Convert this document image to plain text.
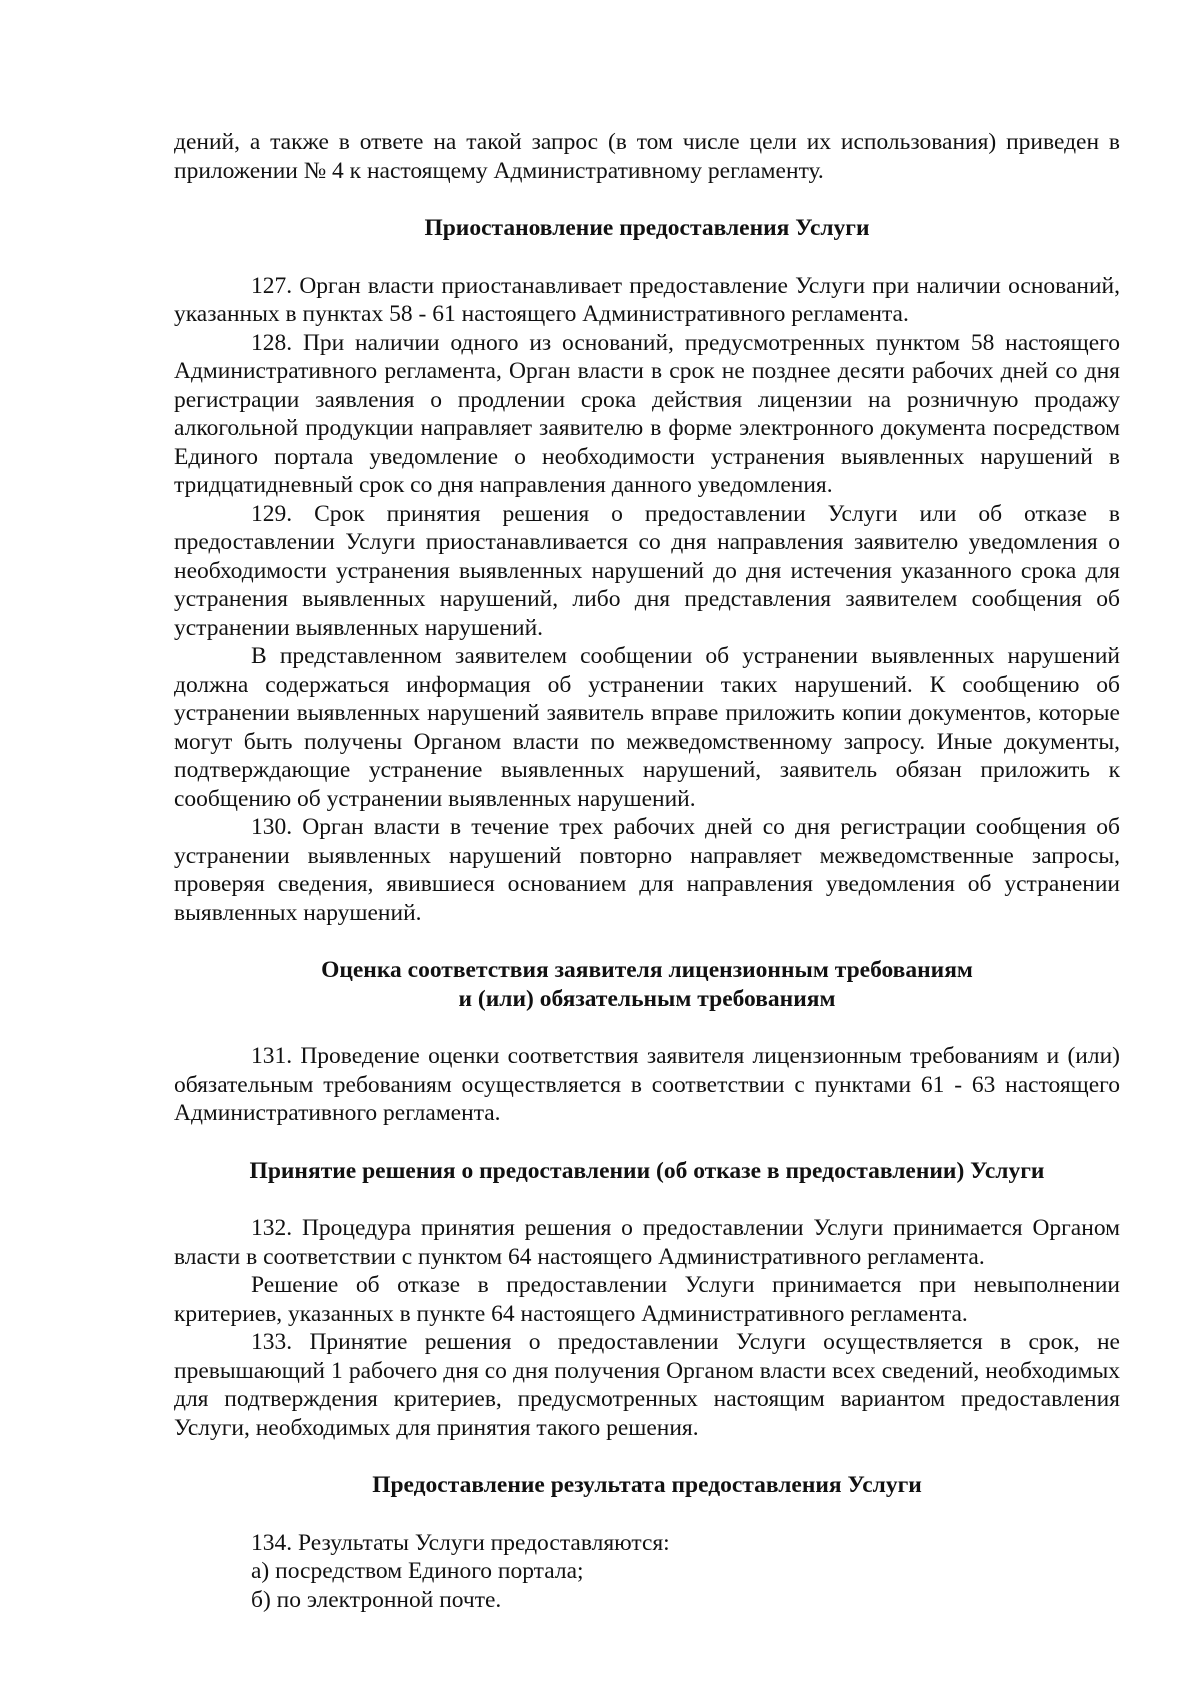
дений, а также в ответе на такой запрос (в том числе цели их использования) приведен в приложении № 4 к настоящему Административному регламенту.

Приостановление предоставления Услуги

127. Орган власти приостанавливает предоставление Услуги при наличии оснований, указанных в пунктах 58 - 61 настоящего Административного регламента.

128. При наличии одного из оснований, предусмотренных пунктом 58 настоящего Административного регламента, Орган власти в срок не позднее десяти рабочих дней со дня регистрации заявления о продлении срока действия лицензии на розничную продажу алкогольной продукции направляет заявителю в форме электронного документа посредством Единого портала уведомление о необходимости устранения выявленных нарушений в тридцатидневный срок со дня направления данного уведомления.

129. Срок принятия решения о предоставлении Услуги или об отказе в предоставлении Услуги приостанавливается со дня направления заявителю уведомления о необходимости устранения выявленных нарушений до дня истечения указанного срока для устранения выявленных нарушений, либо дня представления заявителем сообщения об устранении выявленных нарушений.

В представленном заявителем сообщении об устранении выявленных нарушений должна содержаться информация об устранении таких нарушений. К сообщению об устранении выявленных нарушений заявитель вправе приложить копии документов, которые могут быть получены Органом власти по межведомственному запросу. Иные документы, подтверждающие устранение выявленных нарушений, заявитель обязан приложить к сообщению об устранении выявленных нарушений.

130. Орган власти в течение трех рабочих дней со дня регистрации сообщения об устранении выявленных нарушений повторно направляет межведомственные запросы, проверяя сведения, явившиеся основанием для направления уведомления об устранении выявленных нарушений.

Оценка соответствия заявителя лицензионным требованиям

и (или) обязательным требованиям

131. Проведение оценки соответствия заявителя лицензионным требованиям и (или) обязательным требованиям осуществляется в соответствии с пунктами 61 - 63 настоящего Административного регламента.

Принятие решения о предоставлении (об отказе в предоставлении) Услуги

132. Процедура принятия решения о предоставлении Услуги принимается Органом власти в соответствии с пунктом 64 настоящего Административного регламента.

Решение об отказе в предоставлении Услуги принимается при невыполнении критериев, указанных в пункте 64 настоящего Административного регламента.

133. Принятие решения о предоставлении Услуги осуществляется в срок, не превышающий 1 рабочего дня со дня получения Органом власти всех сведений, необходимых для подтверждения критериев, предусмотренных настоящим вариантом предоставления Услуги, необходимых для принятия такого решения.

Предоставление результата предоставления Услуги

134. Результаты Услуги предоставляются:

а) посредством Единого портала;

б) по электронной почте.
